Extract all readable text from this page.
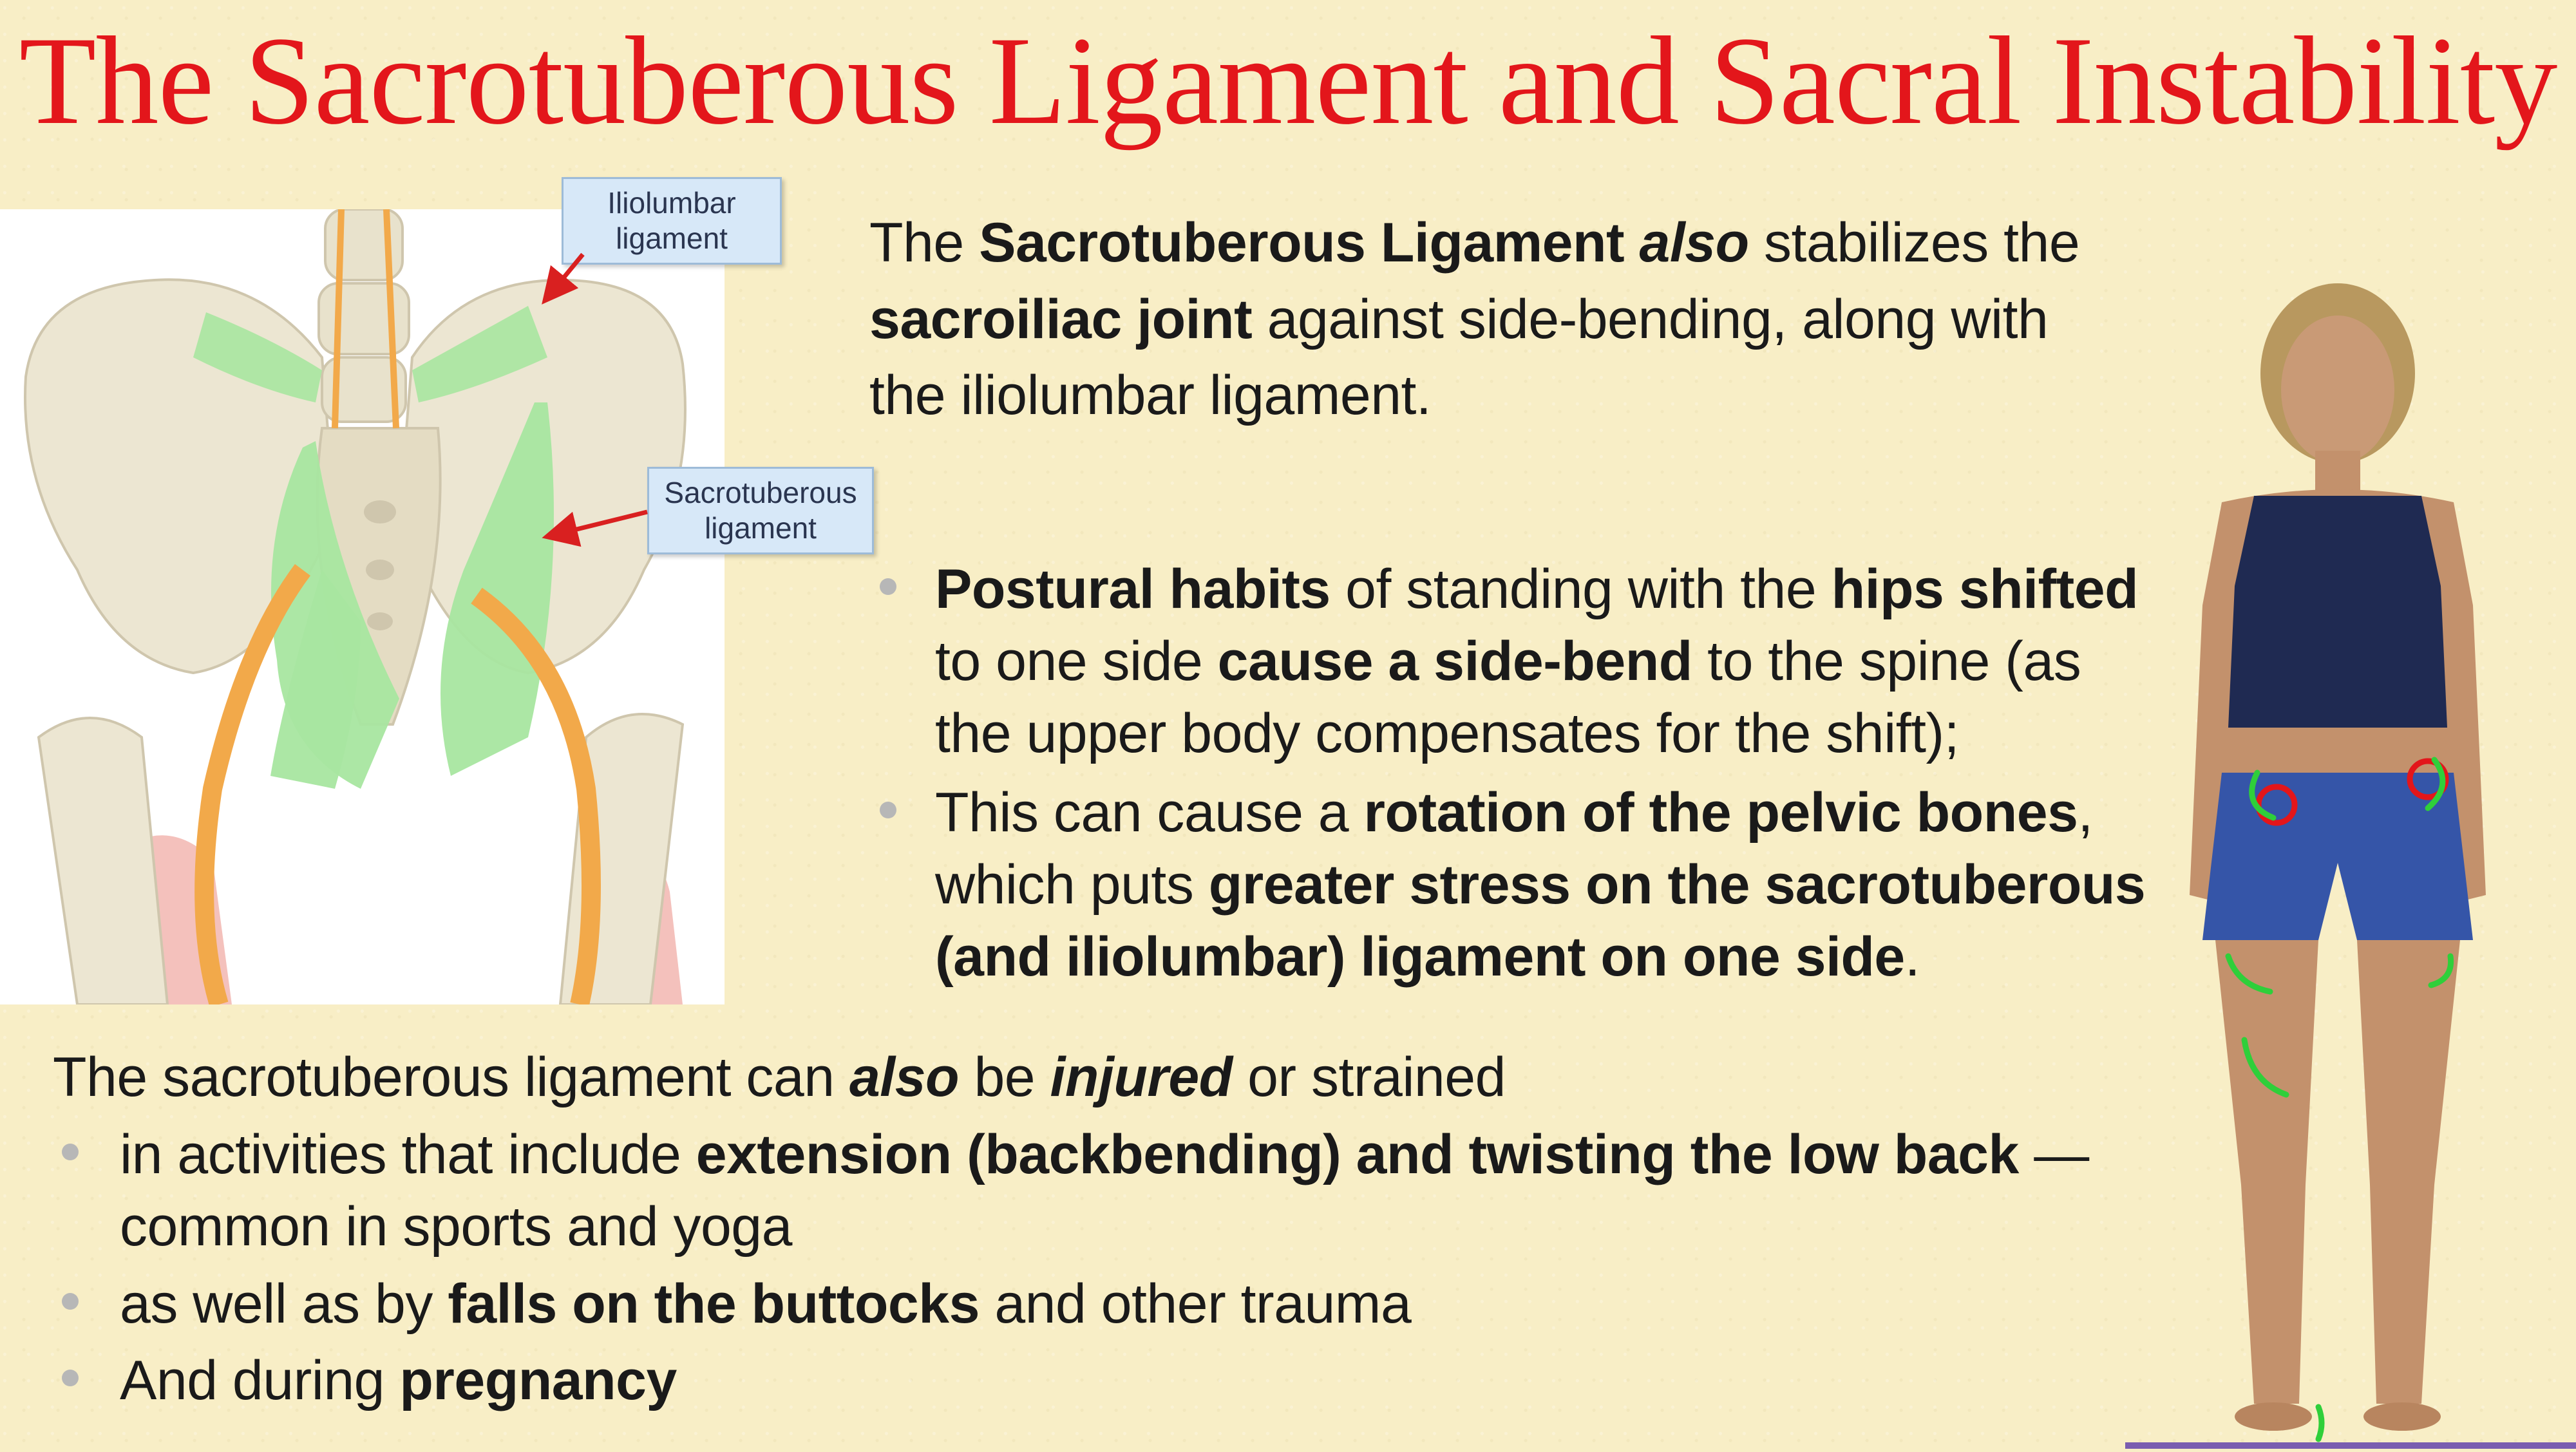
The Sacrotuberous Ligament and Sacral Instability
Iliolumbar ligament
Sacrotuberous ligament
The Sacrotuberous Ligament also stabilizes the sacroiliac joint against side-bending, along with the iliolumbar ligament.
Postural habits of standing with the hips shifted to one side cause a side-bend to the spine (as the upper body compensates for the shift);
This can cause a rotation of the pelvic bones, which puts greater stress on the sacrotuberous (and iliolumbar) ligament on one side.
The sacrotuberous ligament can also be injured or strained
in activities that include extension (backbending) and twisting the low back — common in sports and yoga
as well as by falls on the buttocks and other trauma
And during pregnancy
